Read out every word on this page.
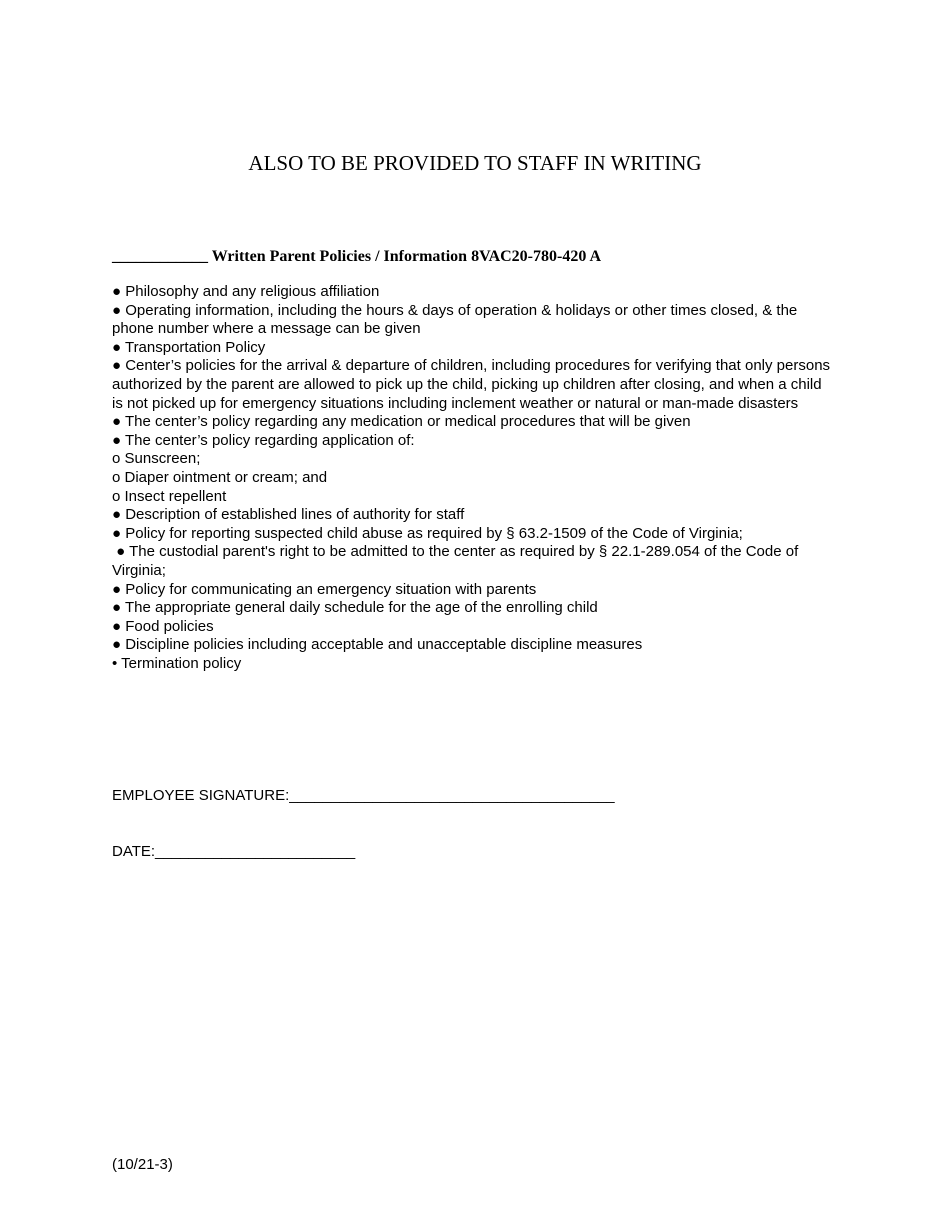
ALSO TO BE PROVIDED TO STAFF IN WRITING
____________ Written Parent Policies / Information 8VAC20-780-420 A
● Philosophy and any religious affiliation
● Operating information, including the hours & days of operation & holidays or other times closed, & the phone number where a message can be given
● Transportation Policy
● Center’s policies for the arrival & departure of children, including procedures for verifying that only persons authorized by the parent are allowed to pick up the child, picking up children after closing, and when a child is not picked up for emergency situations including inclement weather or natural or man-made disasters
● The center’s policy regarding any medication or medical procedures that will be given
● The center’s policy regarding application of:
o Sunscreen;
o Diaper ointment or cream; and
o Insect repellent
● Description of established lines of authority for staff
● Policy for reporting suspected child abuse as required by § 63.2-1509 of the Code of Virginia;
● The custodial parent's right to be admitted to the center as required by § 22.1-289.054 of the Code of Virginia;
● Policy for communicating an emergency situation with parents
● The appropriate general daily schedule for the age of the enrolling child
● Food policies
● Discipline policies including acceptable and unacceptable discipline measures
• Termination policy
EMPLOYEE SIGNATURE:_______________________________________
DATE:________________________
(10/21-3)
